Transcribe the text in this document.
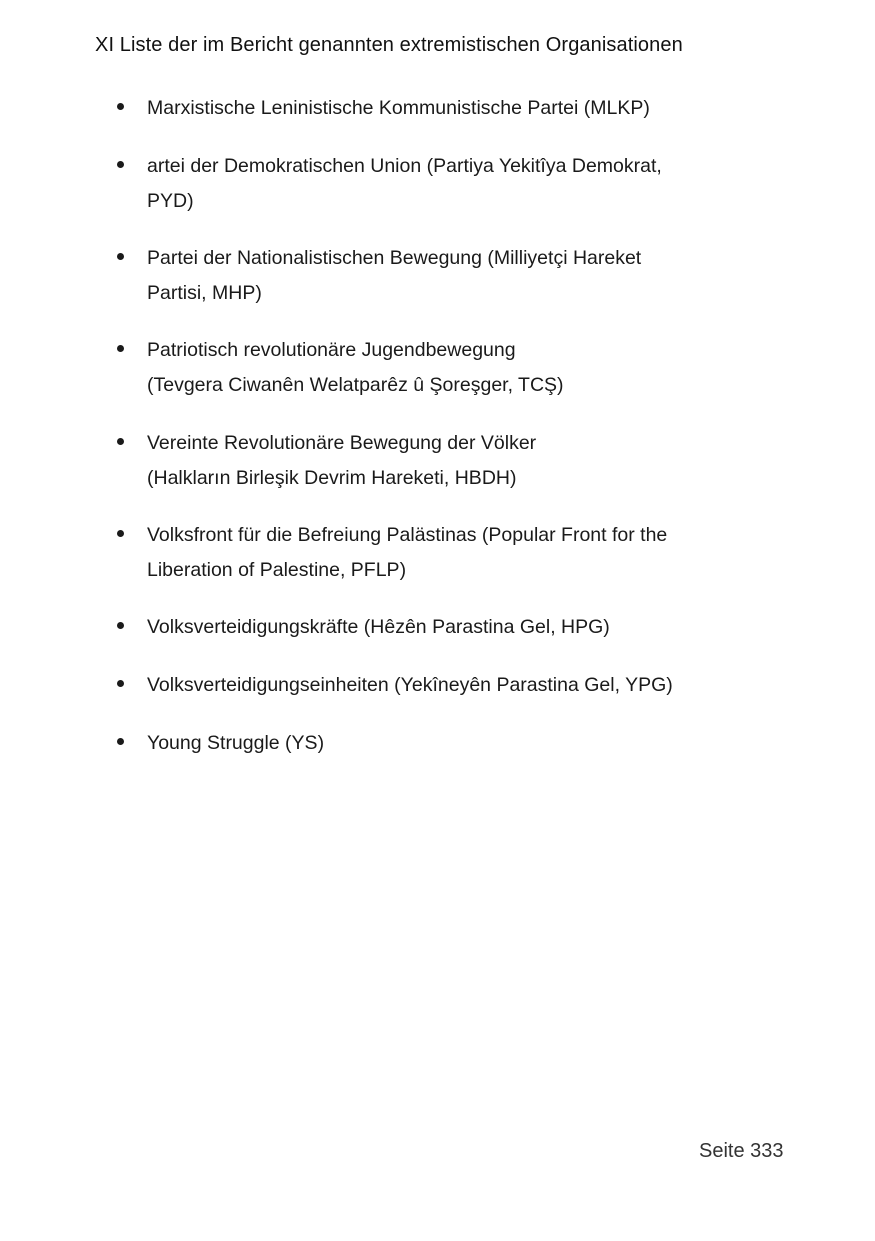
XI Liste der im Bericht genannten extremistischen Organisationen
Marxistische Leninistische Kommunistische Partei (MLKP)
artei der Demokratischen Union (Partiya Yekitîya Demokrat,
PYD)
Partei der Nationalistischen Bewegung (Milliyetçi Hareket
Partisi, MHP)
Patriotisch revolutionäre Jugendbewegung
(Tevgera Ciwanên Welatparêz û Şoreşger, TCŞ)
Vereinte Revolutionäre Bewegung der Völker
(Halkların Birleşik Devrim Hareketi, HBDH)
Volksfront für die Befreiung Palästinas (Popular Front for the
Liberation of Palestine, PFLP)
Volksverteidigungskräfte (Hêzên Parastina Gel, HPG)
Volksverteidigungseinheiten (Yekîneyên Parastina Gel, YPG)
Young Struggle (YS)
Seite 333
